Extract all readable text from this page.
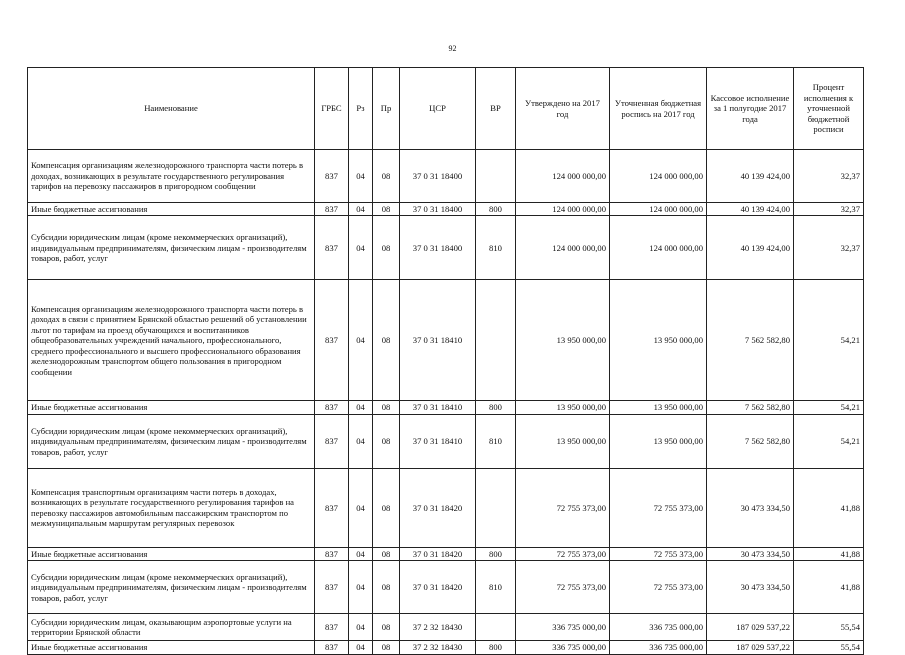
92
Наименование	ГРБС	Рз	Пр	ЦСР	ВР	Утверждено на 2017 год	Уточненная бюджетная роспись на 2017 год	Кассовое исполнение за 1 полугодие 2017 года	Процент исполнения к уточненной бюджетной росписи
Компенсация организациям железнодорожного транспорта части потерь в доходах, возникающих в результате государственного регулирования тарифов на перевозку пассажиров в пригородном сообщении	837	04	08	37 0 31 18400		124 000 000,00	124 000 000,00	40 139 424,00	32,37
Иные бюджетные ассигнования	837	04	08	37 0 31 18400	800	124 000 000,00	124 000 000,00	40 139 424,00	32,37
Субсидии юридическим лицам (кроме некоммерческих организаций), индивидуальным предпринимателям, физическим лицам - производителям товаров, работ, услуг	837	04	08	37 0 31 18400	810	124 000 000,00	124 000 000,00	40 139 424,00	32,37
Компенсация организациям железнодорожного транспорта части потерь в доходах в связи с принятием Брянской областью решений об установлении льгот по тарифам на проезд обучающихся и воспитанников общеобразовательных учреждений начального, профессионального, среднего профессионального и высшего профессионального образования железнодорожным транспортом общего пользования в пригородном сообщении	837	04	08	37 0 31 18410		13 950 000,00	13 950 000,00	7 562 582,80	54,21
Иные бюджетные ассигнования	837	04	08	37 0 31 18410	800	13 950 000,00	13 950 000,00	7 562 582,80	54,21
Субсидии юридическим лицам (кроме некоммерческих организаций), индивидуальным предпринимателям, физическим лицам - производителям товаров, работ, услуг	837	04	08	37 0 31 18410	810	13 950 000,00	13 950 000,00	7 562 582,80	54,21
Компенсация транспортным организациям части потерь в доходах, возникающих в результате государственного регулирования тарифов на перевозку пассажиров автомобильным пассажирским транспортом по межмуниципальным маршрутам регулярных перевозок	837	04	08	37 0 31 18420		72 755 373,00	72 755 373,00	30 473 334,50	41,88
Иные бюджетные ассигнования	837	04	08	37 0 31 18420	800	72 755 373,00	72 755 373,00	30 473 334,50	41,88
Субсидии юридическим лицам (кроме некоммерческих организаций), индивидуальным предпринимателям, физическим лицам - производителям товаров, работ, услуг	837	04	08	37 0 31 18420	810	72 755 373,00	72 755 373,00	30 473 334,50	41,88
Субсидии юридическим лицам, оказывающим аэропортовые услуги на территории Брянской области	837	04	08	37 2 32 18430		336 735 000,00	336 735 000,00	187 029 537,22	55,54
Иные бюджетные ассигнования	837	04	08	37 2 32 18430	800	336 735 000,00	336 735 000,00	187 029 537,22	55,54
